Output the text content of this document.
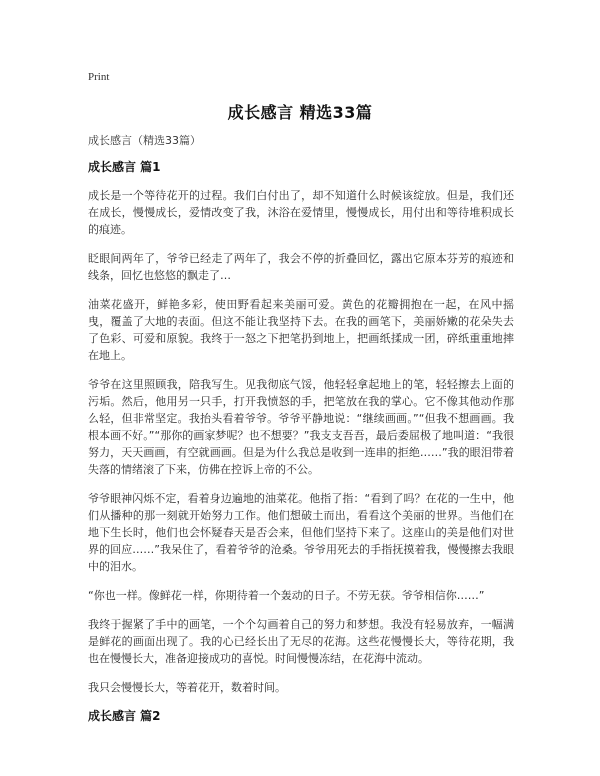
Print
成长感言 精选33篇

成长感言（精选33篇）

成长感言 篇1

成长是一个等待花开的过程。我们白付出了，却不知道什么时候该绽放。但是，我们还在成长，慢慢成长，爱情改变了我，沐浴在爱情里，慢慢成长，用付出和等待堆积成长的痕迹。

眨眼间两年了，爷爷已经走了两年了，我会不停的折叠回忆，露出它原本芬芳的痕迹和线条，回忆也悠悠的飘走了…

油菜花盛开，鲜艳多彩，使田野看起来美丽可爱。黄色的花瓣拥抱在一起，在风中摇曳，覆盖了大地的表面。但这不能让我坚持下去。在我的画笔下，美丽娇嫩的花朵失去了色彩、可爱和原貌。我终于一怒之下把笔扔到地上，把画纸揉成一团，碎纸重重地摔在地上。

爷爷在这里照顾我，陪我写生。见我彻底气馁，他轻轻拿起地上的笔，轻轻擦去上面的污垢。然后，他用另一只手，打开我愤怒的手，把笔放在我的掌心。它不像其他动作那么轻，但非常坚定。我抬头看着爷爷。爷爷平静地说：“继续画画。”“但我不想画画。我根本画不好。”“那你的画家梦呢？也不想要？”我支支吾吾，最后委屈极了地叫道：“我很努力，天天画画，有空就画画。但是为什么我总是收到一连串的拒绝……”我的眼泪带着失落的情绪滚了下来，仿佛在控诉上帝的不公。

爷爷眼神闪烁不定，看着身边遍地的油菜花。他指了指：“看到了吗？在花的一生中，他们从播种的那一刻就开始努力工作。他们想破土而出，看看这个美丽的世界。当他们在地下生长时，他们也会怀疑春天是否会来，但他们坚持下来了。这座山的美是他们对世界的回应……”我呆住了，看着爷爷的沧桑。爷爷用死去的手指抚摸着我，慢慢擦去我眼中的泪水。

“你也一样。像鲜花一样，你期待着一个轰动的日子。不劳无获。爷爷相信你……”

我终于握紧了手中的画笔，一个个勾画着自己的努力和梦想。我没有轻易放弃，一幅满是鲜花的画面出现了。我的心已经长出了无尽的花海。这些花慢慢长大，等待花期，我也在慢慢长大，准备迎接成功的喜悦。时间慢慢冻结，在花海中流动。

我只会慢慢长大，等着花开，数着时间。

成长感言 篇2
